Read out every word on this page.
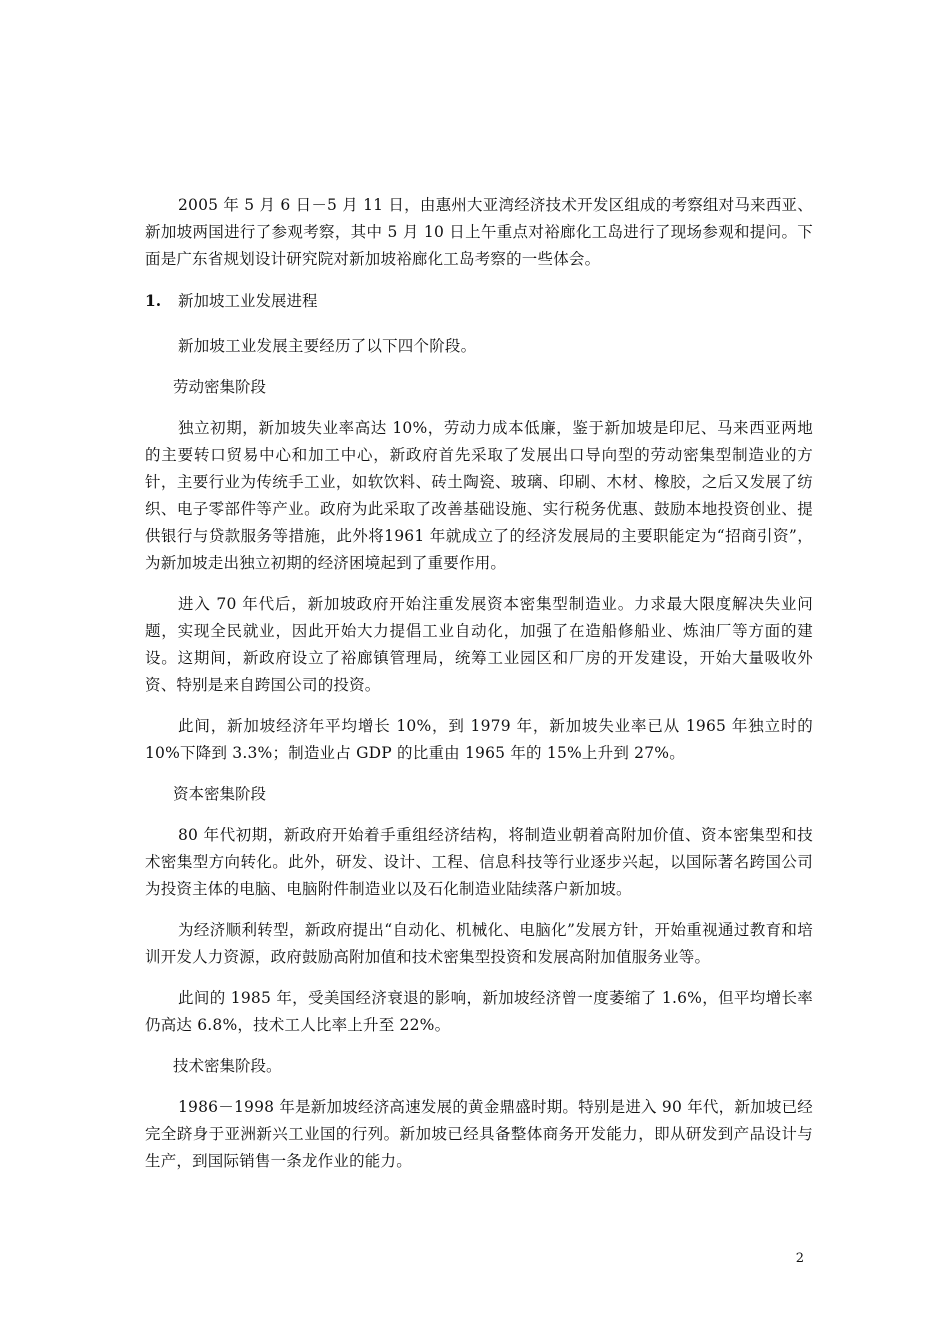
2005 年 5 月 6 日－5 月 11 日，由惠州大亚湾经济技术开发区组成的考察组对马来西亚、新加坡两国进行了参观考察，其中 5 月 10 日上午重点对裕廊化工岛进行了现场参观和提问。下面是广东省规划设计研究院对新加坡裕廊化工岛考察的一些体会。

1.	新加坡工业发展进程

新加坡工业发展主要经历了以下四个阶段。

劳动密集阶段

独立初期，新加坡失业率高达 10%，劳动力成本低廉，鉴于新加坡是印尼、马来西亚两地的主要转口贸易中心和加工中心，新政府首先采取了发展出口导向型的劳动密集型制造业的方针，主要行业为传统手工业，如软饮料、砖土陶瓷、玻璃、印刷、木材、橡胶，之后又发展了纺织、电子零部件等产业。政府为此采取了改善基础设施、实行税务优惠、鼓励本地投资创业、提供银行与贷款服务等措施，此外将1961 年就成立了的经济发展局的主要职能定为“招商引资”，为新加坡走出独立初期的经济困境起到了重要作用。

进入 70 年代后，新加坡政府开始注重发展资本密集型制造业。力求最大限度解决失业问题，实现全民就业，因此开始大力提倡工业自动化，加强了在造船修船业、炼油厂等方面的建设。这期间，新政府设立了裕廊镇管理局，统筹工业园区和厂房的开发建设，开始大量吸收外资、特别是来自跨国公司的投资。

此间，新加坡经济年平均增长 10%，到 1979 年，新加坡失业率已从 1965 年独立时的 10%下降到 3.3%；制造业占 GDP 的比重由 1965 年的 15%上升到 27%。

资本密集阶段

80 年代初期，新政府开始着手重组经济结构，将制造业朝着高附加价值、资本密集型和技术密集型方向转化。此外，研发、设计、工程、信息科技等行业逐步兴起，以国际著名跨国公司为投资主体的电脑、电脑附件制造业以及石化制造业陆续落户新加坡。

为经济顺利转型，新政府提出“自动化、机械化、电脑化”发展方针，开始重视通过教育和培训开发人力资源，政府鼓励高附加值和技术密集型投资和发展高附加值服务业等。

此间的 1985 年，受美国经济衰退的影响，新加坡经济曾一度萎缩了 1.6%，但平均增长率仍高达 6.8%，技术工人比率上升至 22%。

技术密集阶段。

1986－1998 年是新加坡经济高速发展的黄金鼎盛时期。特别是进入 90 年代，新加坡已经完全跻身于亚洲新兴工业国的行列。新加坡已经具备整体商务开发能力，即从研发到产品设计与生产，到国际销售一条龙作业的能力。

2
